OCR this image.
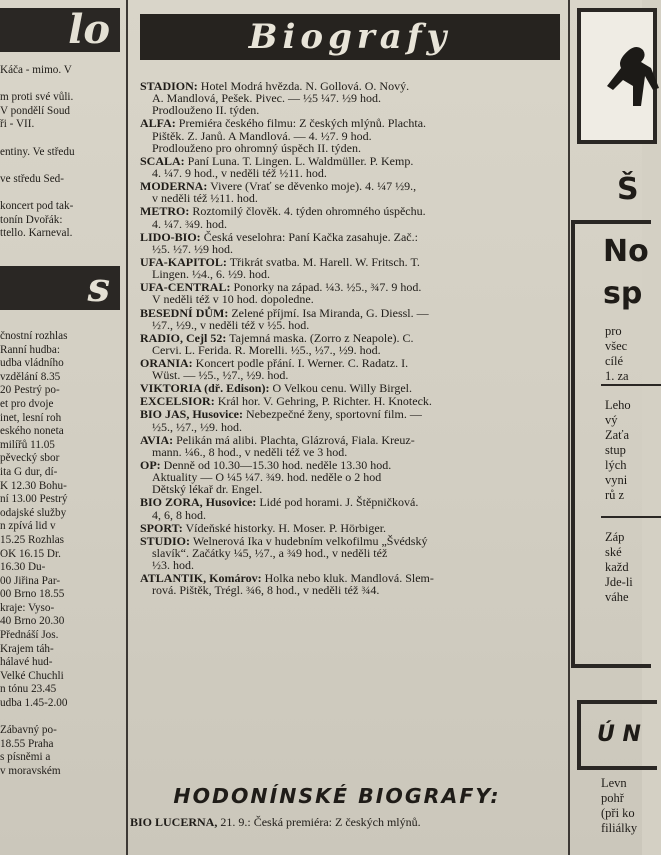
lo
Káča - mimo. V
m proti své vůli.
V pondělí Soud
ři - VII.
entiny. Ve středu
ve středu Sed-
koncert pod tak-
tonín Dvořák:
ttello. Karneval.
s
čnostní rozhlas
Ranní hudba:
udba vládního
vzdělání 8.35
20 Pestrý po-
et pro dvoje
inet, lesní roh
eského noneta
milířů 11.05
pěvecký sbor
ita G dur, dí-
K 12.30 Bohu-
ní 13.00 Pestrý
odajské služby
n zpívá lid v
15.25 Rozhlas
OK 16.15 Dr.
16.30 Du-
00 Jiřina Par-
00 Brno 18.55
kraje: Vyso-
40 Brno 20.30
Přednáší Jos.
Krajem táh-
hálavé hud-
Velké Chuchli
n tónu 23.45
udba 1.45-2.00
Zábavný po-
18.55 Praha
s písněmi a
v moravském
Biografy
STADION: Hotel Modrá hvězda. N. Gollová. O. Nový.
A. Mandlová, Pešek. Pivec. — ½5 ¼7. ½9 hod.
Prodlouženo II. týden.
ALFA: Premiéra českého filmu: Z českých mlýnů. Plachta.
Pištěk. Z. Janů. A Mandlová. — 4. ½7. 9 hod.
Prodlouženo pro ohromný úspěch II. týden.
SCALA: Paní Luna. T. Lingen. L. Waldmüller. P. Kemp.
4. ¼7. 9 hod., v neděli též ½11. hod.
MODERNA: Vivere (Vrať se děvenko moje). 4. ¼7 ½9.,
v neděli též ½11. hod.
METRO: Roztomilý člověk. 4. týden ohromného úspěchu.
4. ¼7. ¾9. hod.
LIDO-BIO: Česká veselohra: Paní Kačka zasahuje. Zač.:
½5. ½7. ½9 hod.
UFA-KAPITOL: Třikrát svatba. M. Harell. W. Fritsch. T.
Lingen. ½4., 6. ½9. hod.
UFA-CENTRAL: Ponorky na západ. ¼3. ½5., ¾7. 9 hod.
V neděli též v 10 hod. dopoledne.
BESEDNÍ DŮM: Zelené příjmí. Isa Miranda, G. Diessl. —
½7., ½9., v neděli též v ½5. hod.
RADIO, Cejl 52: Tajemná maska. (Zorro z Neapole). C.
Cervi. L. Ferida. R. Morelli. ½5., ½7., ½9. hod.
ORANIA: Koncert podle přání. I. Werner. C. Radatz. I.
Wüst. — ½5., ½7., ½9. hod.
VIKTORIA (dř. Edison): O Velkou cenu. Willy Birgel.
EXCELSIOR: Král hor. V. Gehring, P. Richter. H. Knoteck.
BIO JAS, Husovice: Nebezpečné ženy, sportovní film. —
½5., ½7., ½9. hod.
AVIA: Pelikán má alibi. Plachta, Glázrová, Fiala. Kreuz-
mann. ¼6., 8 hod., v neděli též ve 3 hod.
OP: Denně od 10.30—15.30 hod. neděle 13.30 hod.
Aktuality — O ¼5 ¼7. ¾9. hod. neděle o 2 hod
Dětský lékař dr. Engel.
BIO ZORA, Husovice: Lidé pod horami. J. Štěpničková.
4, 6, 8 hod.
SPORT: Vídeňské historky. H. Moser. P. Hörbiger.
STUDIO: Welnerová Ika v hudebním velkofilmu „Švédský
slavík“. Začátky ¼5, ½7., a ¾9 hod., v neděli též
½3. hod.
ATLANTIK, Komárov: Holka nebo kluk. Mandlová. Slem-
rová. Pištěk, Trégl. ¾6, 8 hod., v neděli též ¾4.
HODONÍNSKÉ BIOGRAFY:
BIO LUCERNA, 21. 9.: Česká premiéra: Z českých mlýnů.
Š
No
sp
pro
všec
cílé
1. za
Leho
vý
Zaťa
stup
lých
vyni
rů z
Záp
ské
každ
Jde-li
váhe
Ú N
Levn
pohř
(při ko
filiálky
